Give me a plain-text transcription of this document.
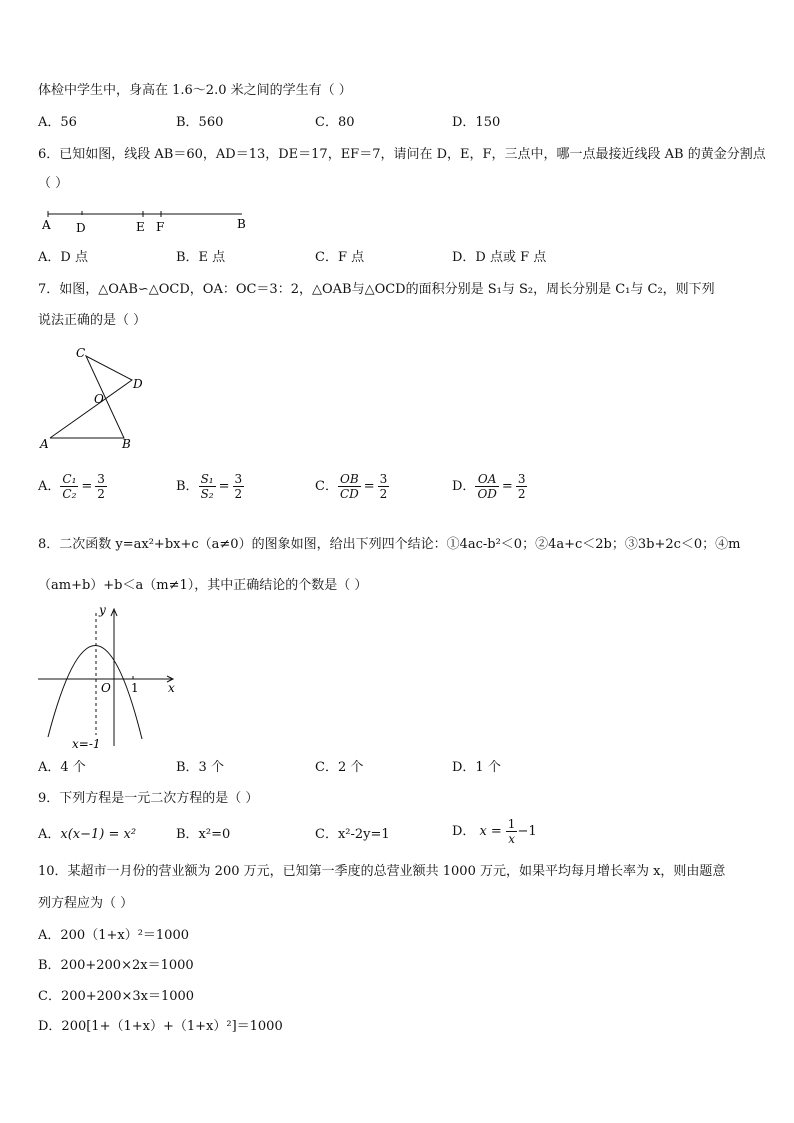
体检中学生中，身高在 1.6～2.0 米之间的学生有（ ）
A．56	B．560	C．80	D．150
6．已知如图，线段 AB＝60，AD＝13，DE＝17，EF＝7，请问在 D，E，F，三点中，哪一点最接近线段 AB 的黄金分割点
（ ）
A D	E F	B
A．D 点	B．E 点	C．F 点	D．D 点或 F 点
7．如图，△OAB∽△OCD，OA：OC＝3：2，△OAB与△OCD的面积分别是 S₁与 S₂，周长分别是 C₁与 C₂，则下列
说法正确的是（ ）
C
D
O
A	B
A． $\frac{\text{C₁}}{\text{C₂}} = \frac{3}{2}$	B． $\frac{\text{S₁}}{\text{S₂}} = \frac{3}{2}$	C． $\frac{OB}{CD} = \frac{3}{2}$	D． $\frac{OA}{OD} = \frac{3}{2}$
8．二次函数 y=ax²+bx+c（a≠0）的图象如图，给出下列四个结论：①4ac-b²＜0；②4a+c＜2b；③3b+2c＜0；④m
（am+b）+b＜a（m≠1），其中正确结论的个数是（ ）
y
x
O 1
x=-1
A．4 个	B．3 个	C．2 个	D．1 个
9．下列方程是一元二次方程的是（ ）
A．x(x−1) = x²	B．x²=0	C．x²-2y=1	D． $x = \frac{1}{x} -1$
10．某超市一月份的营业额为 200 万元，已知第一季度的总营业额共 1000 万元，如果平均每月增长率为 x，则由题意
列方程应为（ ）
A．200（1+x）²＝1000
B．200+200×2x＝1000
C．200+200×3x＝1000
D．200[1+（1+x）+（1+x）²]＝1000
